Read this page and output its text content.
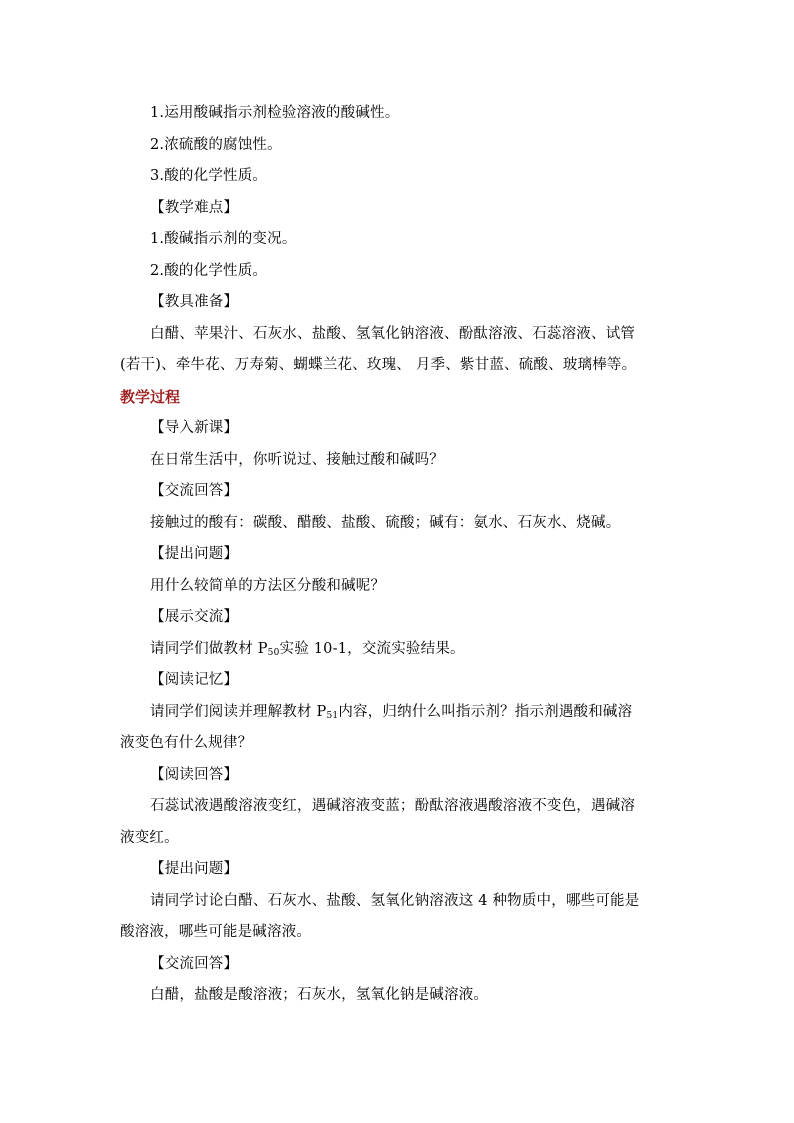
1.运用酸碱指示剂检验溶液的酸碱性。
2.浓硫酸的腐蚀性。
3.酸的化学性质。
【教学难点】
1.酸碱指示剂的变况。
2.酸的化学性质。
【教具准备】
白醋、苹果汁、石灰水、盐酸、氢氧化钠溶液、酚酞溶液、石蕊溶液、试管
(若干)、牵牛花、万寿菊、蝴蝶兰花、玫瑰、 月季、紫甘蓝、硫酸、玻璃棒等。
教学过程
【导入新课】
在日常生活中，你听说过、接触过酸和碱吗？
【交流回答】
接触过的酸有：碳酸、醋酸、盐酸、硫酸；碱有：氨水、石灰水、烧碱。
【提出问题】
用什么较简单的方法区分酸和碱呢？
【展示交流】
请同学们做教材 $P_{50}$实验 10-1，交流实验结果。
【阅读记忆】
请同学们阅读并理解教材 $P_{51}$内容，归纳什么叫指示剂？指示剂遇酸和碱溶
液变色有什么规律？
【阅读回答】
石蕊试液遇酸溶液变红，遇碱溶液变蓝；酚酞溶液遇酸溶液不变色，遇碱溶
液变红。
【提出问题】
请同学讨论白醋、石灰水、盐酸、氢氧化钠溶液这 4 种物质中，哪些可能是
酸溶液，哪些可能是碱溶液。
【交流回答】
白醋，盐酸是酸溶液；石灰水，氢氧化钠是碱溶液。
